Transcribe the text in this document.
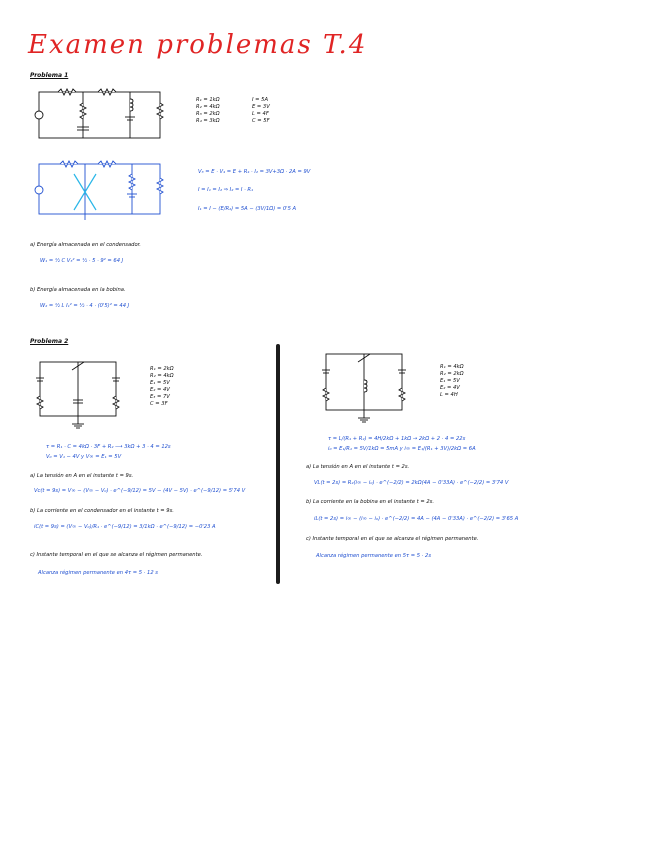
Examen problemas T.4
Problema 1
R₁ = 1kΩ
R₂ = 4kΩ
R₃ = 2kΩ
R₄ = 3kΩ
I = 5A
E = 3V
L = 4F
C = 5F
V₃ = E · V₄ = E + R₄ · I₂ = 3V+3Ω · 2A = 9V
I = I₁ = I₂ ⇒ I₂ = I · R₁
I₁ = I − (E/R₂) = 5A − (3V/1Ω) = 0'5 A
a) Energía almacenada en el condensador.
W₁ = ½ C V₃² = ½ · 5 · 9² = 64 J
b) Energía almacenada en la bobina.
W₂ = ½ L I₁² = ½ · 4 · (0'5)² = 44 J
Problema 2
R₁ = 2kΩ
R₂ = 4kΩ
E₁ = 5V
E₂ = 4V
E₃ = 7V
C = 3F
τ = R₁ · C = 4kΩ · 3F + R₂ ⟶ 3kΩ + 3 · 4 = 12s
V₀ = V₁ − 4V y V∞ = E₁ = 5V
a) La tensión en A en el instante t = 9s.
Vc(t = 9s) = V∞ − (V∞ − V₀) · e^(−9/12) = 5V − (4V − 5V) · e^(−9/12) = 5'74 V
b) La corriente en el condensador en el instante t = 9s.
iC(t = 9s) = (V∞ − V₀)/R₁ · e^(−9/12) = 3/1kΩ · e^(−9/12) = −0'23 A
c) Instante temporal en el que se alcanza el régimen permanente.
Alcanza régimen permanente en 4τ = 5 · 12 s
R₁ = 4kΩ
R₂ = 2kΩ
E₁ = 5V
E₂ = 4V
L = 4H
τ = L/(R₁ + R₂) = 4H/2kΩ + 1kΩ → 2kΩ + 2 · 4 = 22s
i₀ = E₁/R₁ = 5V/1kΩ = 5mA y i∞ = E₁/(R₁ + 3V)/2kΩ = 6A
a) La tensión en A en el instante t = 2s.
VL(t = 2s) = R₂(i∞ − i₀) · e^(−2/2) = 2kΩ(4A − 0'33A) · e^(−2/2) = 3'74 V
b) La corriente en la bobina en el instante t = 2s.
iL(t = 2s) = i∞ − (i∞ − i₀) · e^(−2/2) = 4A − (4A − 0'33A) · e^(−2/2) = 3'65 A
c) Instante temporal en el que se alcanza el régimen permanente.
Alcanza régimen permanente en 5τ = 5 · 2s
